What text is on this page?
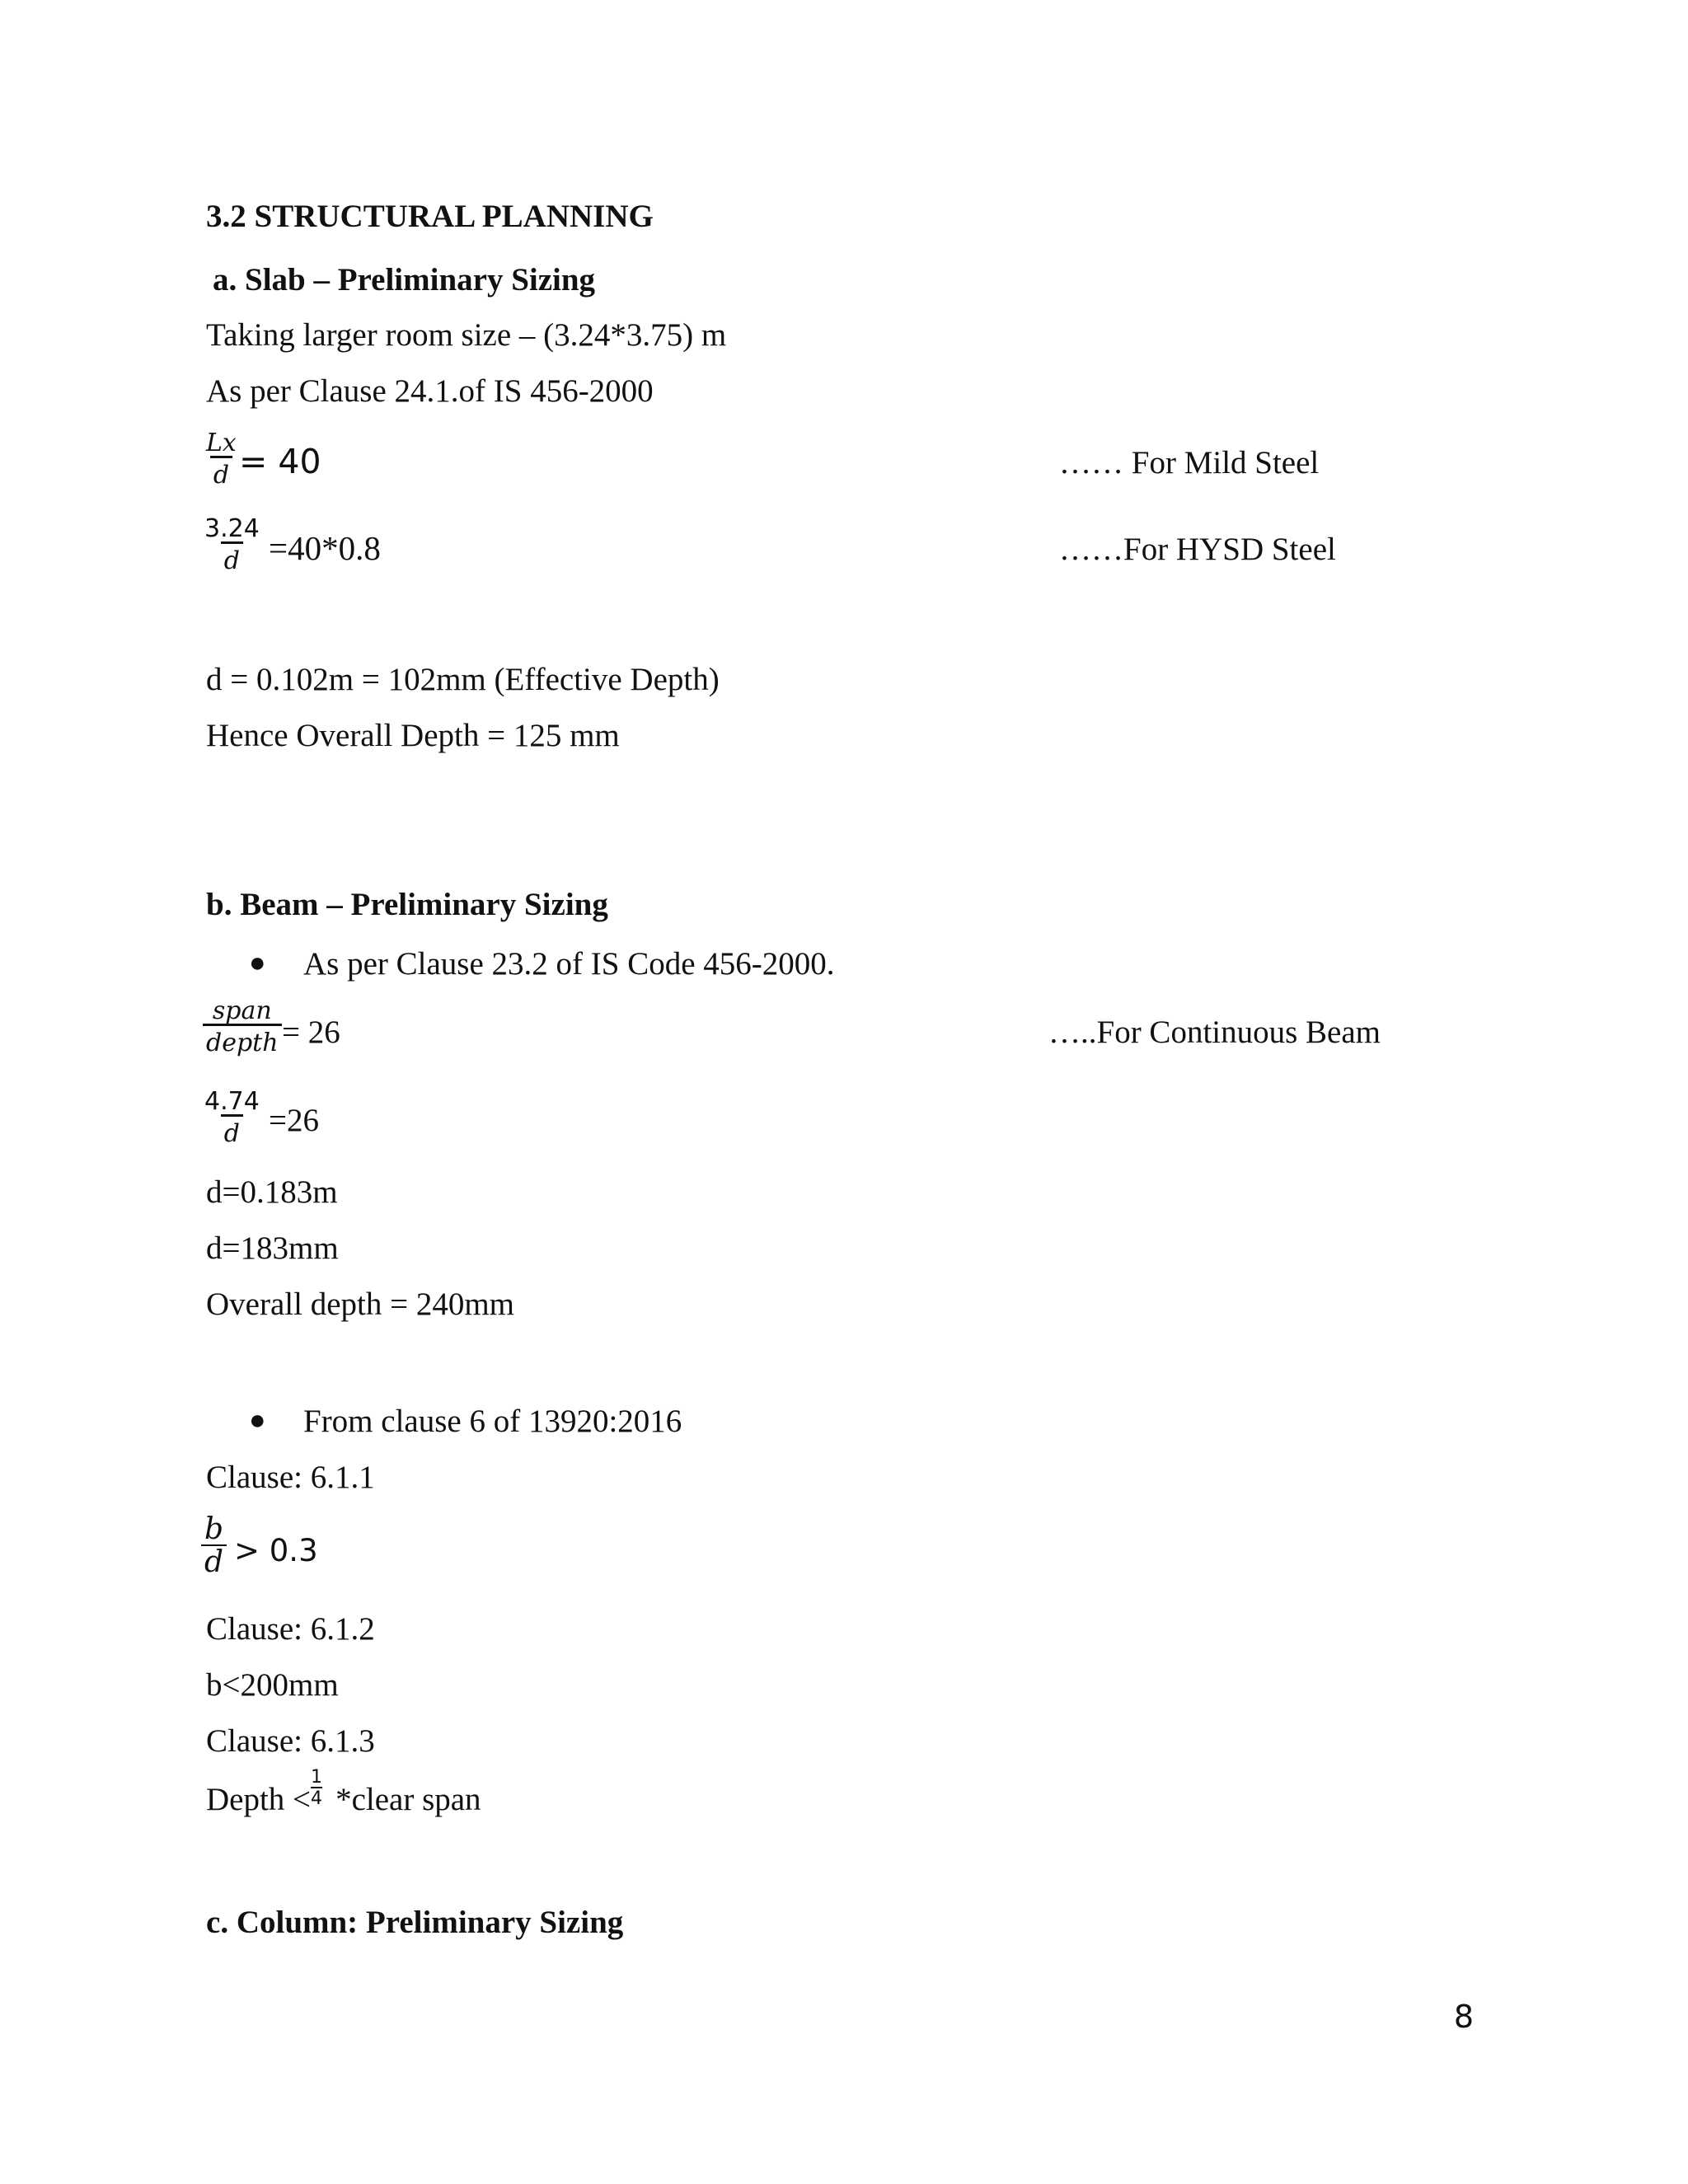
3.2 STRUCTURAL PLANNING
a. Slab – Preliminary Sizing
Taking larger room size – (3.24*3.75) m
As per Clause 24.1.of IS 456-2000
$\frac{Lx}{d} = 40$	…… For Mild Steel
$\frac{3.24}{d} =40*0.8$	……For HYSD Steel
d = 0.102m = 102mm (Effective Depth)
Hence Overall Depth = 125 mm
b. Beam – Preliminary Sizing
● As per Clause 23.2 of IS Code 456-2000.
span
depth = 26	…..For Continuous Beam
$\frac{4.74}{d} =26$
d=0.183m
d=183mm
Overall depth = 240mm
● From clause 6 of 13920:2016
Clause: 6.1.1
$\frac{b}{d} > 0.3$
Clause: 6.1.2
b<200mm
Clause: 6.1.3
Depth < *clear span
$\frac{1}{4}$
c. Column: Preliminary Sizing
8
